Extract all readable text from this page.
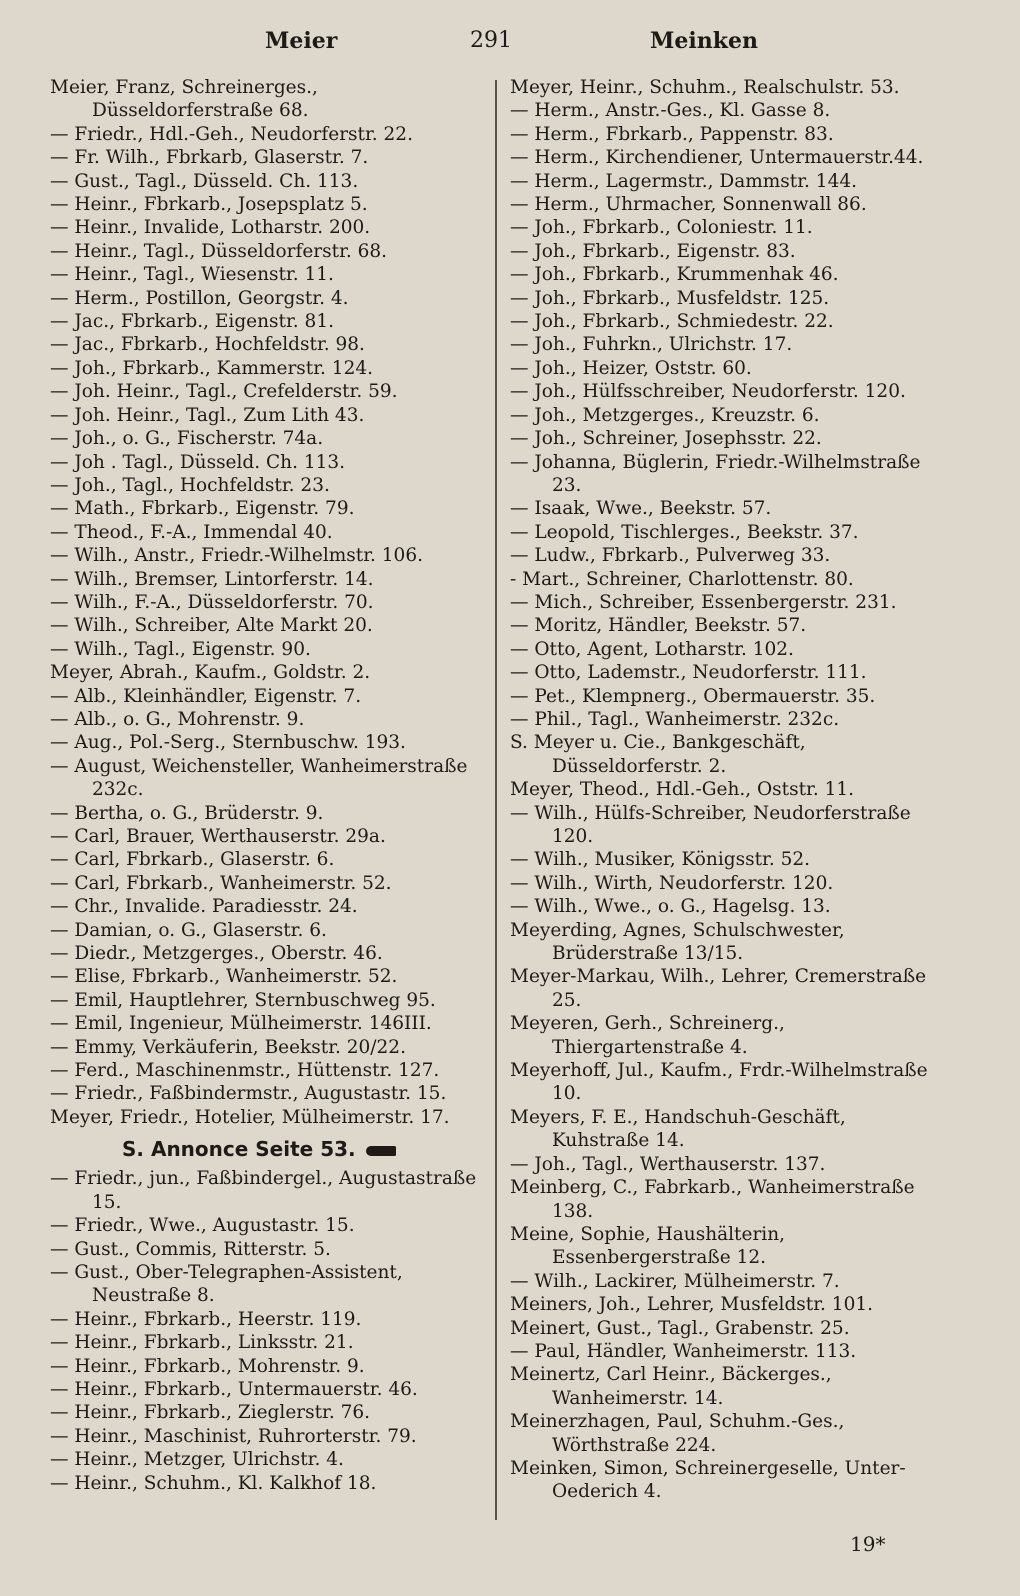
Meier	291	Meinken
Meier, Franz, Schreinerges., Düsseldorferstraße 68.
— Friedr., Hdl.-Geh., Neudorferstr. 22.
— Fr. Wilh., Fbrkarb, Glaserstr. 7.
— Gust., Tagl., Düsseld. Ch. 113.
— Heinr., Fbrkarb., Josepsplatz 5.
— Heinr., Invalide, Lotharstr. 200.
— Heinr., Tagl., Düsseldorferstr. 68.
— Heinr., Tagl., Wiesenstr. 11.
— Herm., Postillon, Georgstr. 4.
— Jac., Fbrkarb., Eigenstr. 81.
— Jac., Fbrkarb., Hochfeldstr. 98.
— Joh., Fbrkarb., Kammerstr. 124.
— Joh. Heinr., Tagl., Crefelderstr. 59.
— Joh. Heinr., Tagl., Zum Lith 43.
— Joh., o. G., Fischerstr. 74a.
— Joh . Tagl., Düsseld. Ch. 113.
— Joh., Tagl., Hochfeldstr. 23.
— Math., Fbrkarb., Eigenstr. 79.
— Theod., F.-A., Immendal 40.
— Wilh., Anstr., Friedr.-Wilhelmstr. 106.
— Wilh., Bremser, Lintorferstr. 14.
— Wilh., F.-A., Düsseldorferstr. 70.
— Wilh., Schreiber, Alte Markt 20.
— Wilh., Tagl., Eigenstr. 90.
Meyer, Abrah., Kaufm., Goldstr. 2.
— Alb., Kleinhändler, Eigenstr. 7.
— Alb., o. G., Mohrenstr. 9.
— Aug., Pol.-Serg., Sternbuschw. 193.
— August, Weichensteller, Wanheimerstraße 232c.
— Bertha, o. G., Brüderstr. 9.
— Carl, Brauer, Werthauserstr. 29a.
— Carl, Fbrkarb., Glaserstr. 6.
— Carl, Fbrkarb., Wanheimerstr. 52.
— Chr., Invalide. Paradiesstr. 24.
— Damian, o. G., Glaserstr. 6.
— Diedr., Metzgerges., Oberstr. 46.
— Elise, Fbrkarb., Wanheimerstr. 52.
— Emil, Hauptlehrer, Sternbuschweg 95.
— Emil, Ingenieur, Mülheimerstr. 146III.
— Emmy, Verkäuferin, Beekstr. 20/22.
— Ferd., Maschinenmstr., Hüttenstr. 127.
— Friedr., Faßbindermstr., Augustastr. 15.
Meyer, Friedr., Hotelier, Mülheimerstr. 17.
S. Annonce Seite 53.
— Friedr., jun., Faßbindergel., Augustastraße 15.
— Friedr., Wwe., Augustastr. 15.
— Gust., Commis, Ritterstr. 5.
— Gust., Ober-Telegraphen-Assistent, Neustraße 8.
— Heinr., Fbrkarb., Heerstr. 119.
— Heinr., Fbrkarb., Linksstr. 21.
— Heinr., Fbrkarb., Mohrenstr. 9.
— Heinr., Fbrkarb., Untermauerstr. 46.
— Heinr., Fbrkarb., Zieglerstr. 76.
— Heinr., Maschinist, Ruhrorterstr. 79.
— Heinr., Metzger, Ulrichstr. 4.
— Heinr., Schuhm., Kl. Kalkhof 18.
Meyer, Heinr., Schuhm., Realschulstr. 53.
— Herm., Anstr.-Ges., Kl. Gasse 8.
— Herm., Fbrkarb., Pappenstr. 83.
— Herm., Kirchendiener, Untermauerstr.44.
— Herm., Lagermstr., Dammstr. 144.
— Herm., Uhrmacher, Sonnenwall 86.
— Joh., Fbrkarb., Coloniestr. 11.
— Joh., Fbrkarb., Eigenstr. 83.
— Joh., Fbrkarb., Krummenhak 46.
— Joh., Fbrkarb., Musfeldstr. 125.
— Joh., Fbrkarb., Schmiedestr. 22.
— Joh., Fuhrkn., Ulrichstr. 17.
— Joh., Heizer, Oststr. 60.
— Joh., Hülfsschreiber, Neudorferstr. 120.
— Joh., Metzgerges., Kreuzstr. 6.
— Joh., Schreiner, Josephsstr. 22.
— Johanna, Büglerin, Friedr.-Wilhelmstraße 23.
— Isaak, Wwe., Beekstr. 57.
— Leopold, Tischlerges., Beekstr. 37.
— Ludw., Fbrkarb., Pulverweg 33.
- Mart., Schreiner, Charlottenstr. 80.
— Mich., Schreiber, Essenbergerstr. 231.
— Moritz, Händler, Beekstr. 57.
— Otto, Agent, Lotharstr. 102.
— Otto, Lademstr., Neudorferstr. 111.
— Pet., Klempnerg., Obermauerstr. 35.
— Phil., Tagl., Wanheimerstr. 232c.
S. Meyer u. Cie., Bankgeschäft, Düsseldorferstr. 2.
Meyer, Theod., Hdl.-Geh., Oststr. 11.
— Wilh., Hülfs-Schreiber, Neudorferstraße 120.
— Wilh., Musiker, Königsstr. 52.
— Wilh., Wirth, Neudorferstr. 120.
— Wilh., Wwe., o. G., Hagelsg. 13.
Meyerding, Agnes, Schulschwester, Brüderstraße 13/15.
Meyer-Markau, Wilh., Lehrer, Cremerstraße 25.
Meyeren, Gerh., Schreinerg., Thiergartenstraße 4.
Meyerhoff, Jul., Kaufm., Frdr.-Wilhelmstraße 10.
Meyers, F. E., Handschuh-Geschäft, Kuhstraße 14.
— Joh., Tagl., Werthauserstr. 137.
Meinberg, C., Fabrkarb., Wanheimerstraße 138.
Meine, Sophie, Haushälterin, Essenbergerstraße 12.
— Wilh., Lackirer, Mülheimerstr. 7.
Meiners, Joh., Lehrer, Musfeldstr. 101.
Meinert, Gust., Tagl., Grabenstr. 25.
— Paul, Händler, Wanheimerstr. 113.
Meinertz, Carl Heinr., Bäckerges., Wanheimerstr. 14.
Meinerzhagen, Paul, Schuhm.-Ges., Wörthstraße 224.
Meinken, Simon, Schreinergeselle, Unter-Oederich 4.
19*
